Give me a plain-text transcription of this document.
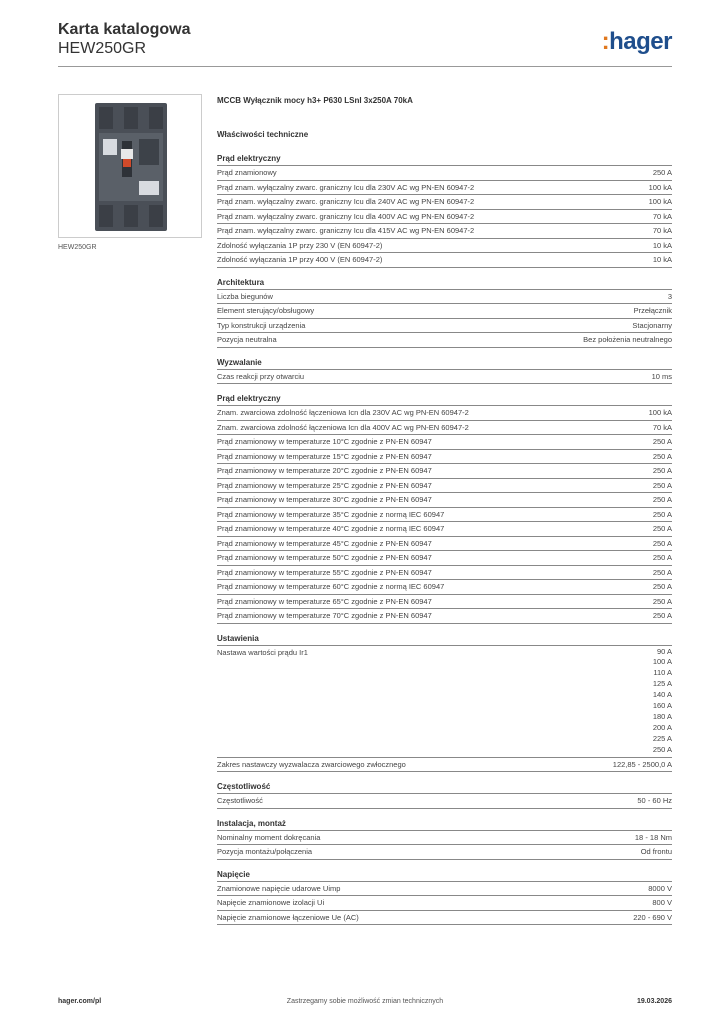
Karta katalogowa
HEW250GR	:hager
HEW250GR
MCCB Wyłącznik mocy h3+ P630 LSnI 3x250A 70kA
Właściwości techniczne
Prąd elektryczny
Prąd znamionowy	250 A
Prąd znam. wyłączalny zwarc. graniczny Icu dla 230V AC wg PN-EN 60947-2	100 kA
Prąd znam. wyłączalny zwarc. graniczny Icu dla 240V AC wg PN-EN 60947-2	100 kA
Prąd znam. wyłączalny zwarc. graniczny Icu dla 400V AC wg PN-EN 60947-2	70 kA
Prąd znam. wyłączalny zwarc. graniczny Icu dla 415V AC wg PN-EN 60947-2	70 kA
Zdolność wyłączania 1P przy 230 V (EN 60947-2)	10 kA
Zdolność wyłączania 1P przy 400 V (EN 60947-2)	10 kA
Architektura
Liczba biegunów	3
Element sterujący/obsługowy	Przełącznik
Typ konstrukcji urządzenia	Stacjonarny
Pozycja neutralna	Bez położenia neutralnego
Wyzwalanie
Czas reakcji przy otwarciu	10 ms
Prąd elektryczny
Znam. zwarciowa zdolność łączeniowa Icn dla 230V AC wg PN-EN 60947-2	100 kA
Znam. zwarciowa zdolność łączeniowa Icn dla 400V AC wg PN-EN 60947-2	70 kA
Prąd znamionowy w temperaturze 10°C zgodnie z PN-EN 60947	250 A
Prąd znamionowy w temperaturze 15°C zgodnie z PN-EN 60947	250 A
Prąd znamionowy w temperaturze 20°C zgodnie z PN-EN 60947	250 A
Prąd znamionowy w temperaturze 25°C zgodnie z PN-EN 60947	250 A
Prąd znamionowy w temperaturze 30°C zgodnie z PN-EN 60947	250 A
Prąd znamionowy w temperaturze 35°C zgodnie z normą IEC 60947	250 A
Prąd znamionowy w temperaturze 40°C zgodnie z normą IEC 60947	250 A
Prąd znamionowy w temperaturze 45°C zgodnie z PN-EN 60947	250 A
Prąd znamionowy w temperaturze 50°C zgodnie z PN-EN 60947	250 A
Prąd znamionowy w temperaturze 55°C zgodnie z PN-EN 60947	250 A
Prąd znamionowy w temperaturze 60°C zgodnie z normą IEC 60947	250 A
Prąd znamionowy w temperaturze 65°C zgodnie z PN-EN 60947	250 A
Prąd znamionowy w temperaturze 70°C zgodnie z PN-EN 60947	250 A
Ustawienia
Nastawa wartości prądu Ir1	90 A
100 A
110 A
125 A
140 A
160 A
180 A
200 A
225 A
250 A
Zakres nastawczy wyzwalacza zwarciowego zwłocznego	122,85 - 2500,0 A
Częstotliwość
Częstotliwość	50 - 60 Hz
Instalacja, montaż
Nominalny moment dokręcania	18 - 18 Nm
Pozycja montażu/połączenia	Od frontu
Napięcie
Znamionowe napięcie udarowe Uimp	8000 V
Napięcie znamionowe izolacji Ui	800 V
Napięcie znamionowe łączeniowe Ue (AC)	220 - 690 V
hager.com/pl	Zastrzegamy sobie możliwość zmian technicznych	19.03.2026
